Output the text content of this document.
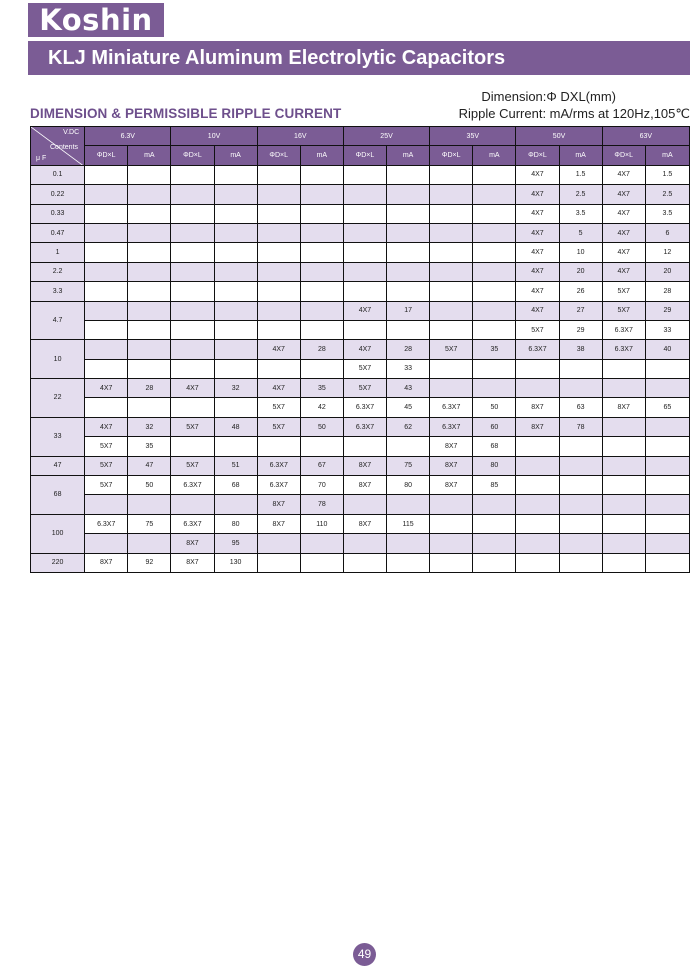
Koshin
KLJ Miniature Aluminum Electrolytic Capacitors
DIMENSION & PERMISSIBLE RIPPLE CURRENT
Dimension:Φ DXL(mm)
Ripple Current: mA/rms at 120Hz,105℃
V.DC
Contents
μ F	6.3V		10V		16V		25V		35V		50V		63V	
	ΦD×L	mA	ΦD×L	mA	ΦD×L	mA	ΦD×L	mA	ΦD×L	mA	ΦD×L	mA	ΦD×L	mA
0.1											4X7	1.5	4X7	1.5
0.22											4X7	2.5	4X7	2.5
0.33											4X7	3.5	4X7	3.5
0.47											4X7	5	4X7	6
1											4X7	10	4X7	12
2.2											4X7	20	4X7	20
3.3											4X7	26	5X7	28
4.7							4X7	17			4X7	27	5X7	29
											5X7	29	6.3X7	33
10					4X7	28	4X7	28	5X7	35	6.3X7	38	6.3X7	40
							5X7	33						
22	4X7	28	4X7	32	4X7	35	5X7	43						
					5X7	42	6.3X7	45	6.3X7	50	8X7	63	8X7	65
33	4X7	32	5X7	48	5X7	50	6.3X7	62	6.3X7	60	8X7	78		
	5X7	35							8X7	68				
47	5X7	47	5X7	51	6.3X7	67	8X7	75	8X7	80				
68	5X7	50	6.3X7	68	6.3X7	70	8X7	80	8X7	85				
					8X7	78								
100	6.3X7	75	6.3X7	80	8X7	110	8X7	115						
			8X7	95										
220	8X7	92	8X7	130										
49
